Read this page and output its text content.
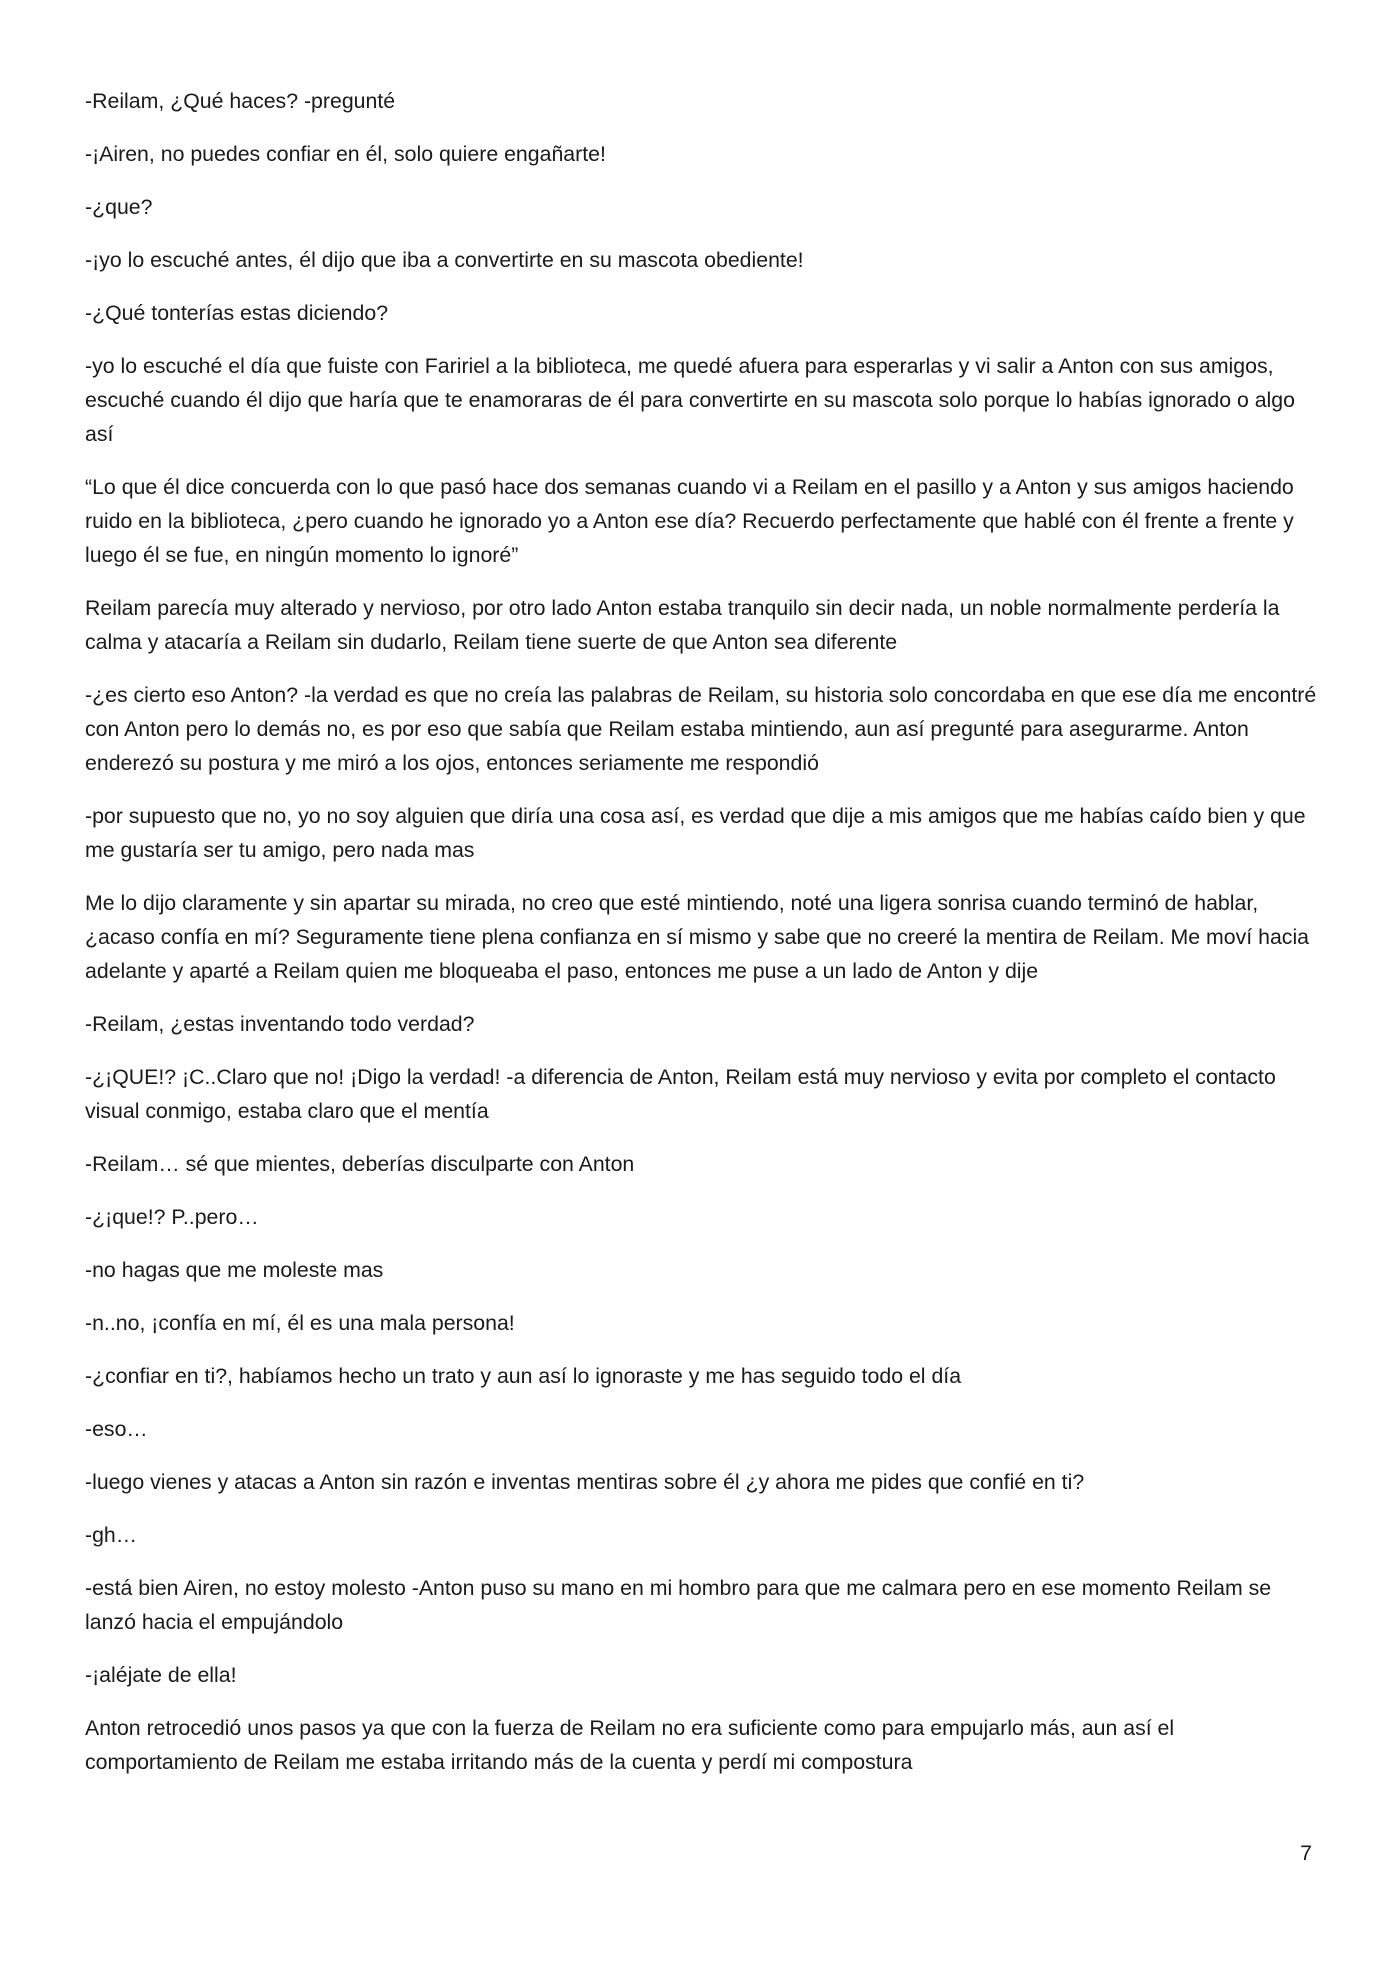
-Reilam, ¿Qué haces? -pregunté

-¡Airen, no puedes confiar en él, solo quiere engañarte!

-¿que?

-¡yo lo escuché antes, él dijo que iba a convertirte en su mascota obediente!

-¿Qué tonterías estas diciendo?

-yo lo escuché el día que fuiste con Faririel a la biblioteca, me quedé afuera para esperarlas y vi salir a Anton con sus amigos, escuché cuando él dijo que haría que te enamoraras de él para convertirte en su mascota solo porque lo habías ignorado o algo así

“Lo que él dice concuerda con lo que pasó hace dos semanas cuando vi a Reilam en el pasillo y a Anton y sus amigos haciendo ruido en la biblioteca, ¿pero cuando he ignorado yo a Anton ese día? Recuerdo perfectamente que hablé con él frente a frente y luego él se fue, en ningún momento lo ignoré”

Reilam parecía muy alterado y nervioso, por otro lado Anton estaba tranquilo sin decir nada, un noble normalmente perdería la calma y atacaría a Reilam sin dudarlo, Reilam tiene suerte de que Anton sea diferente

-¿es cierto eso Anton? -la verdad es que no creía las palabras de Reilam, su historia solo concordaba en que ese día me encontré con Anton pero lo demás no, es por eso que sabía que Reilam estaba mintiendo, aun así pregunté para asegurarme. Anton enderezó su postura y me miró a los ojos, entonces seriamente me respondió

-por supuesto que no, yo no soy alguien que diría una cosa así, es verdad que dije a mis amigos que me habías caído bien y que me gustaría ser tu amigo, pero nada mas

Me lo dijo claramente y sin apartar su mirada, no creo que esté mintiendo, noté una ligera sonrisa cuando terminó de hablar, ¿acaso confía en mí? Seguramente tiene plena confianza en sí mismo y sabe que no creeré la mentira de Reilam. Me moví hacia adelante y aparté a Reilam quien me bloqueaba el paso, entonces me puse a un lado de Anton y dije

-Reilam, ¿estas inventando todo verdad?

-¿¡QUE!? ¡C..Claro que no! ¡Digo la verdad! -a diferencia de Anton, Reilam está muy nervioso y evita por completo el contacto visual conmigo, estaba claro que el mentía

-Reilam… sé que mientes, deberías disculparte con Anton

-¿¡que!? P..pero…

-no hagas que me moleste mas

-n..no, ¡confía en mí, él es una mala persona!

-¿confiar en ti?, habíamos hecho un trato y aun así lo ignoraste y me has seguido todo el día

-eso…

-luego vienes y atacas a Anton sin razón e inventas mentiras sobre él ¿y ahora me pides que confié en ti?

-gh…

-está bien Airen, no estoy molesto -Anton puso su mano en mi hombro para que me calmara pero en ese momento Reilam se lanzó hacia el empujándolo

-¡aléjate de ella!

Anton retrocedió unos pasos ya que con la fuerza de Reilam no era suficiente como para empujarlo más, aun así el comportamiento de Reilam me estaba irritando más de la cuenta y perdí mi compostura

7
